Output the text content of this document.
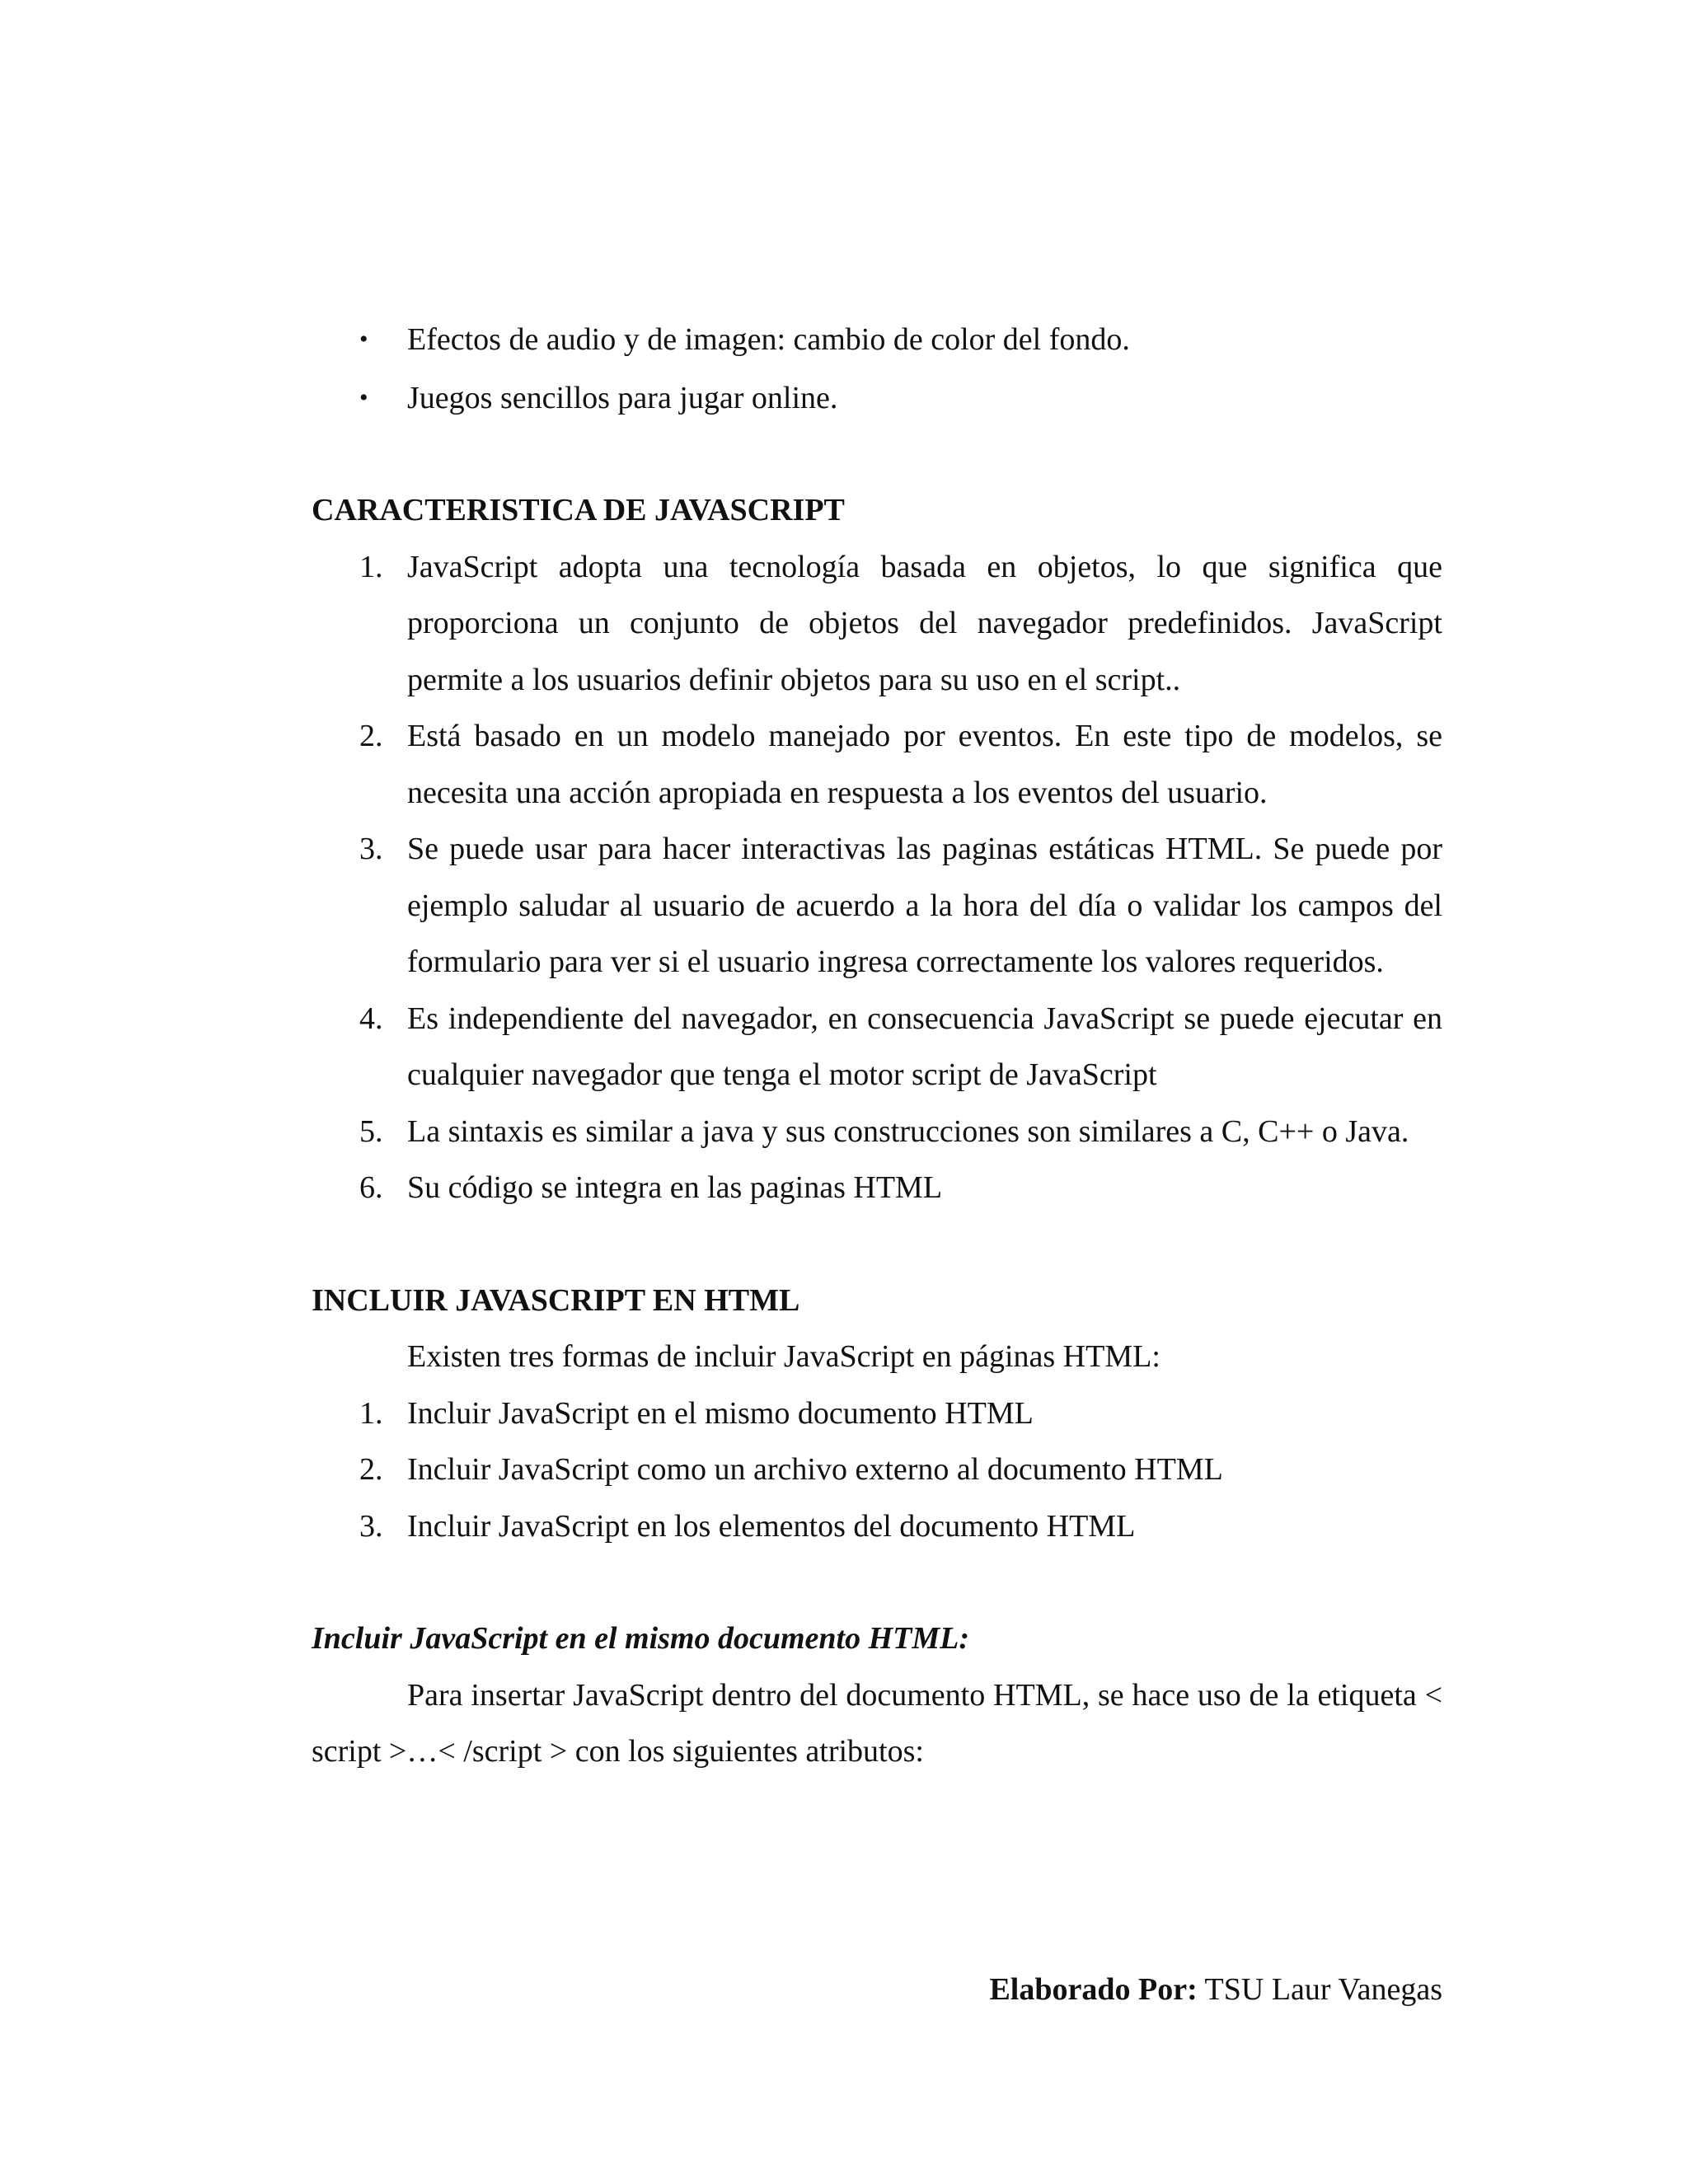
• Efectos de audio y de imagen: cambio de color del fondo.
• Juegos sencillos para jugar online.

CARACTERISTICA DE JAVASCRIPT

1. JavaScript adopta una tecnología basada en objetos, lo que significa que proporciona un conjunto de objetos del navegador predefinidos. JavaScript permite a los usuarios definir objetos para su uso en el script..
2. Está basado en un modelo manejado por eventos. En este tipo de modelos, se necesita una acción apropiada en respuesta a los eventos del usuario.
3. Se puede usar para hacer interactivas las paginas estáticas HTML. Se puede por ejemplo saludar al usuario de acuerdo a la hora del día o validar los campos del formulario para ver si el usuario ingresa correctamente los valores requeridos.
4. Es independiente del navegador, en consecuencia JavaScript se puede ejecutar en cualquier navegador que tenga el motor script de JavaScript
5. La sintaxis es similar a java y sus construcciones son similares a C, C++ o Java.
6. Su código se integra en las paginas HTML

INCLUIR JAVASCRIPT EN HTML

Existen tres formas de incluir JavaScript en páginas HTML:

1. Incluir JavaScript en el mismo documento HTML
2. Incluir JavaScript como un archivo externo al documento HTML
3. Incluir JavaScript en los elementos del documento HTML

Incluir JavaScript en el mismo documento HTML:

Para insertar JavaScript dentro del documento HTML, se hace uso de la etiqueta < script >…< /script > con los siguientes atributos:

Elaborado Por: TSU Laur Vanegas
